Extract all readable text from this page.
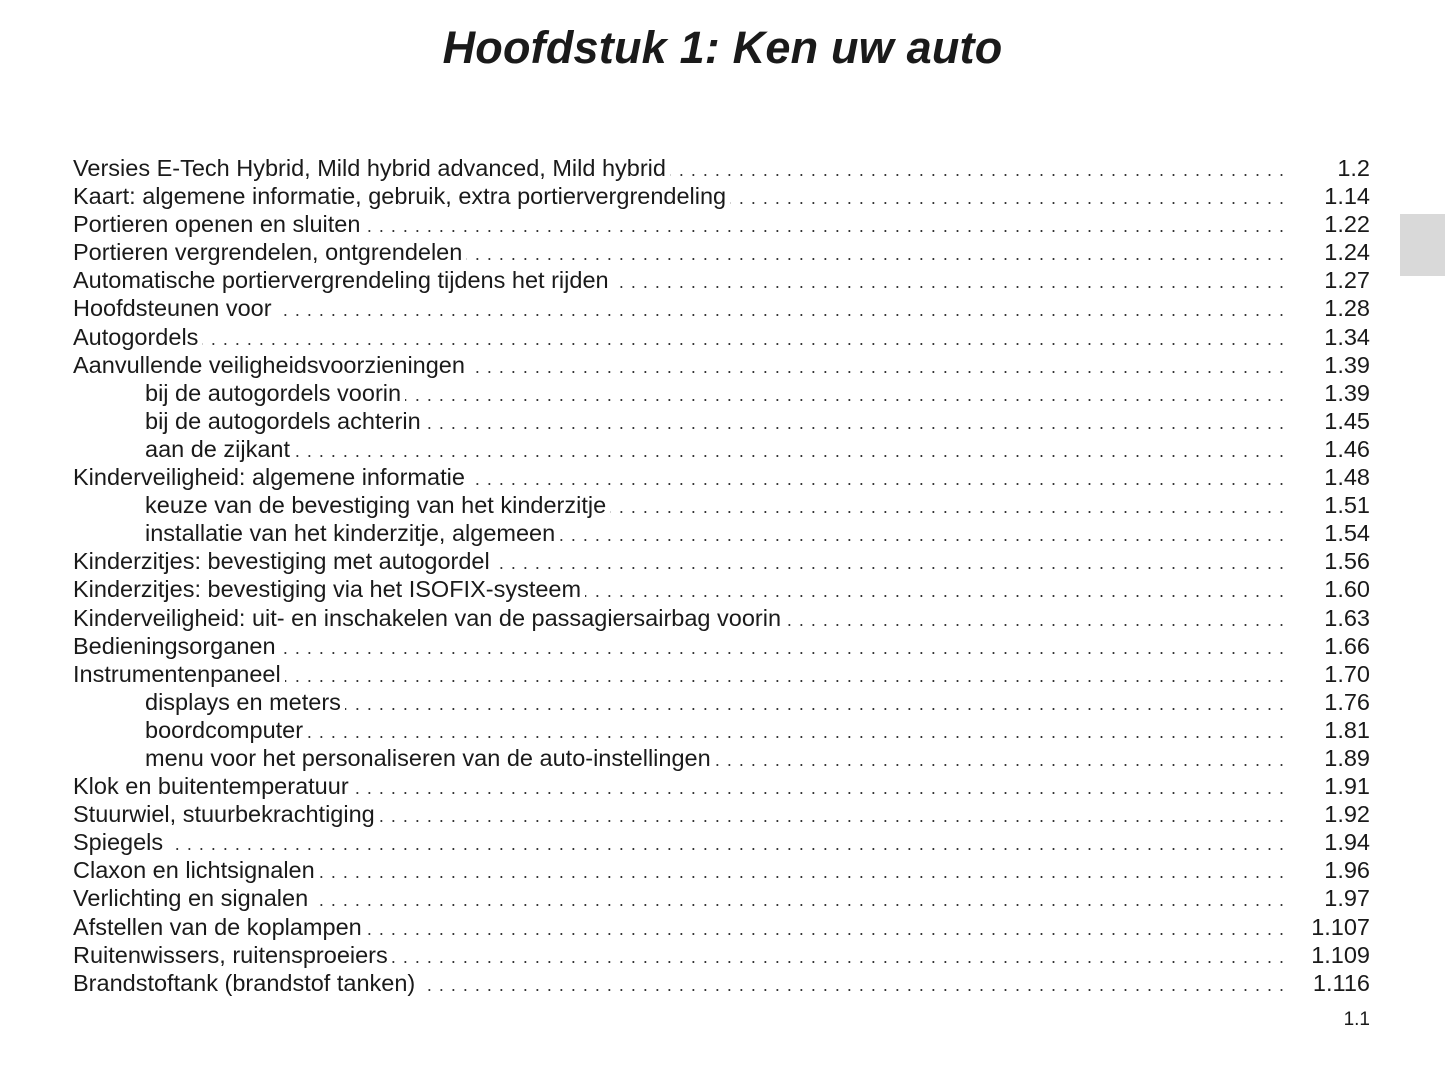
Hoofdstuk 1: Ken uw auto
Versies E-Tech Hybrid, Mild hybrid advanced, Mild hybrid . . .	1.2
Kaart: algemene informatie, gebruik, extra portiervergrendeling . . .	1.14
Portieren openen en sluiten . . .	1.22
Portieren vergrendelen, ontgrendelen . . .	1.24
Automatische portiervergrendeling tijdens het rijden . . .	1.27
Hoofdsteunen voor . . .	1.28
Autogordels . . .	1.34
Aanvullende veiligheidsvoorzieningen . . .	1.39
bij de autogordels voorin . . .	1.39
bij de autogordels achterin . . .	1.45
aan de zijkant . . .	1.46
Kinderveiligheid: algemene informatie . . .	1.48
keuze van de bevestiging van het kinderzitje . . .	1.51
installatie van het kinderzitje, algemeen . . .	1.54
Kinderzitjes: bevestiging met autogordel . . .	1.56
Kinderzitjes: bevestiging via het ISOFIX-systeem . . .	1.60
Kinderveiligheid: uit- en inschakelen van de passagiersairbag voorin . . .	1.63
Bedieningsorganen . . .	1.66
Instrumentenpaneel . . .	1.70
displays en meters . . .	1.76
boordcomputer . . .	1.81
menu voor het personaliseren van de auto-instellingen . . .	1.89
Klok en buitentemperatuur . . .	1.91
Stuurwiel, stuurbekrachtiging . . .	1.92
Spiegels . . .	1.94
Claxon en lichtsignalen . . .	1.96
Verlichting en signalen . . .	1.97
Afstellen van de koplampen . . .	1.107
Ruitenwissers, ruitensproeiers . . .	1.109
Brandstoftank (brandstof tanken) . . .	1.116
1.1
